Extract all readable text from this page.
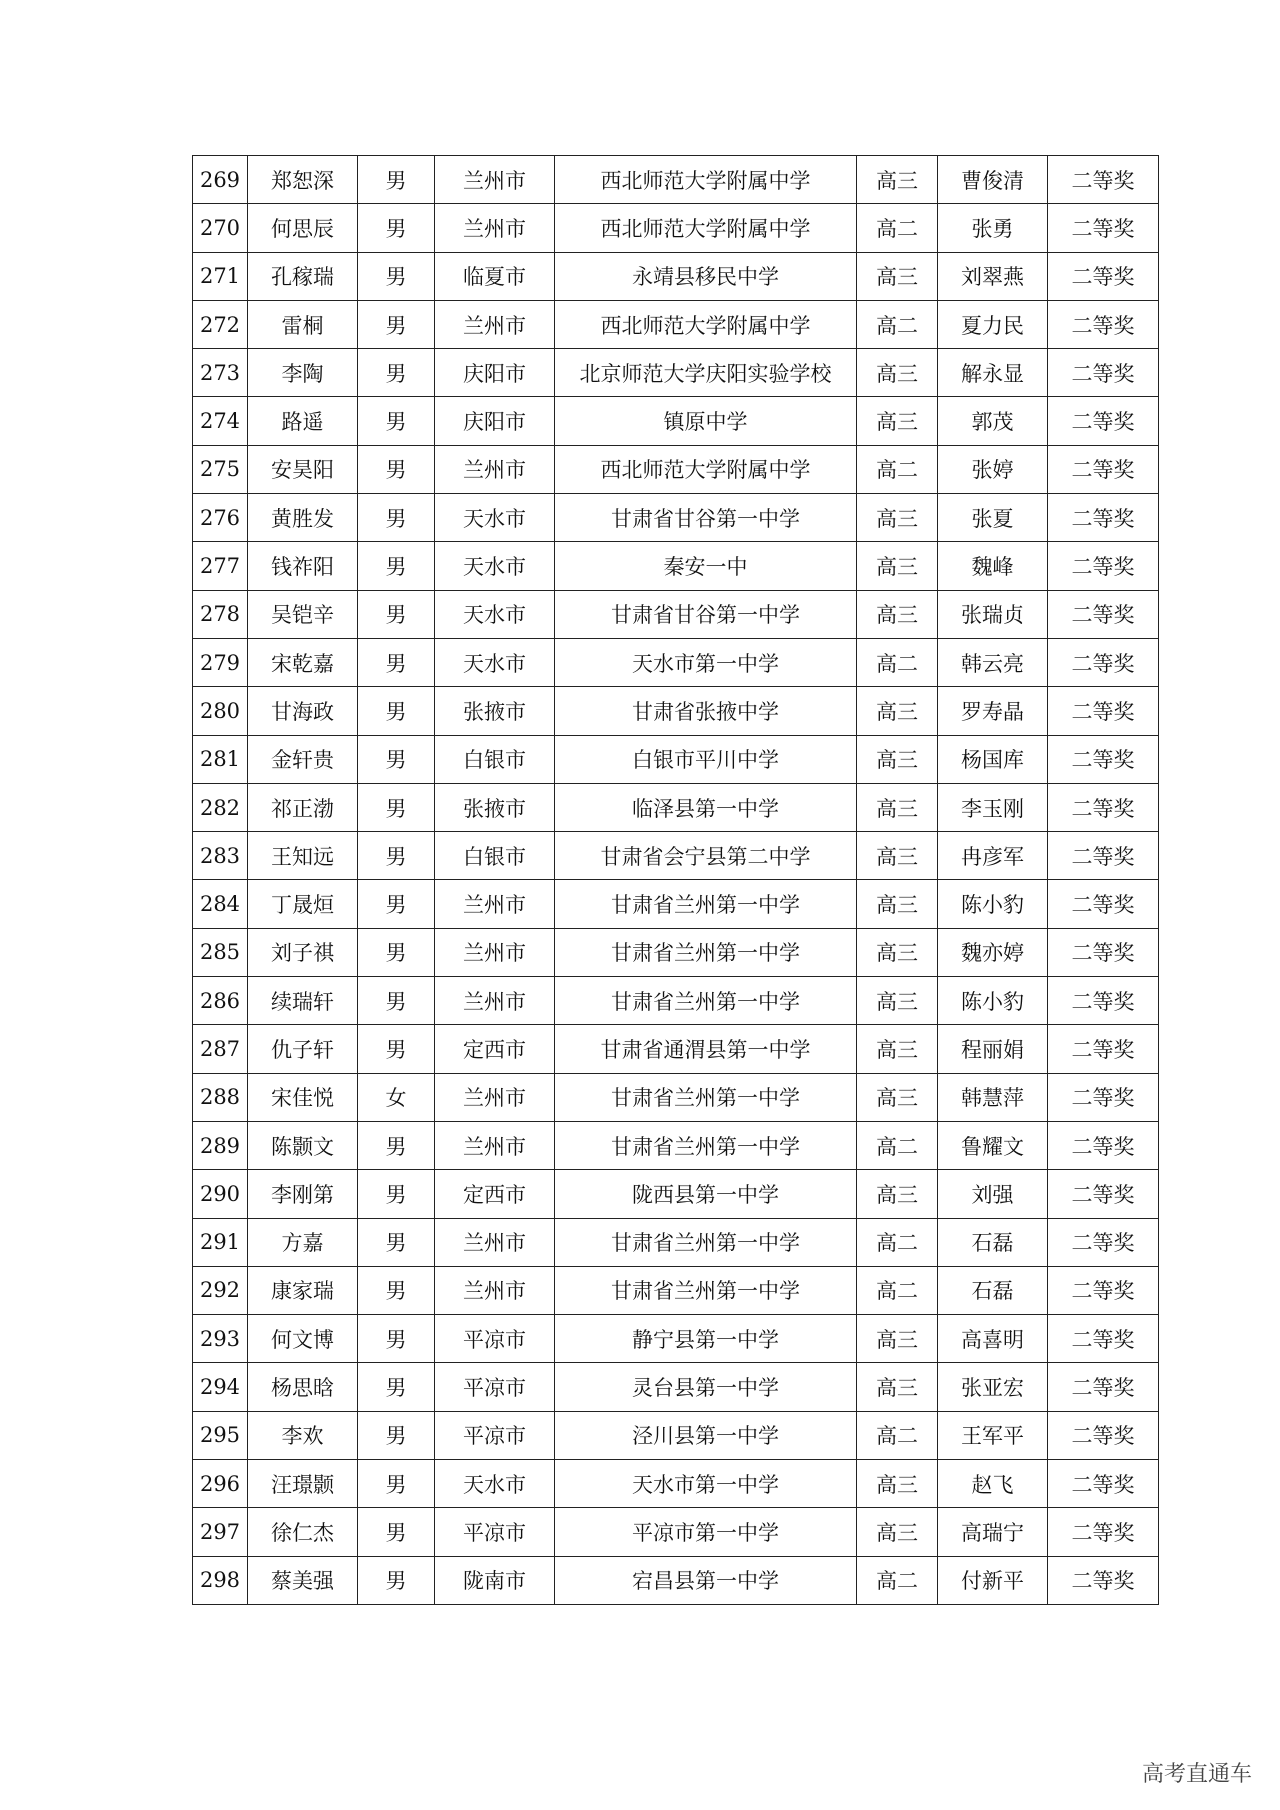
269	郑恕深	男	兰州市	西北师范大学附属中学	高三	曹俊清	二等奖
270	何思辰	男	兰州市	西北师范大学附属中学	高二	张勇	二等奖
271	孔稼瑞	男	临夏市	永靖县移民中学	高三	刘翠燕	二等奖
272	雷桐	男	兰州市	西北师范大学附属中学	高二	夏力民	二等奖
273	李陶	男	庆阳市	北京师范大学庆阳实验学校	高三	解永显	二等奖
274	路遥	男	庆阳市	镇原中学	高三	郭茂	二等奖
275	安昊阳	男	兰州市	西北师范大学附属中学	高二	张婷	二等奖
276	黄胜发	男	天水市	甘肃省甘谷第一中学	高三	张夏	二等奖
277	钱祚阳	男	天水市	秦安一中	高三	魏峰	二等奖
278	吴铠辛	男	天水市	甘肃省甘谷第一中学	高三	张瑞贞	二等奖
279	宋乾嘉	男	天水市	天水市第一中学	高二	韩云亮	二等奖
280	甘海政	男	张掖市	甘肃省张掖中学	高三	罗寿晶	二等奖
281	金轩贵	男	白银市	白银市平川中学	高三	杨国库	二等奖
282	祁正渤	男	张掖市	临泽县第一中学	高三	李玉刚	二等奖
283	王知远	男	白银市	甘肃省会宁县第二中学	高三	冉彦军	二等奖
284	丁晟烜	男	兰州市	甘肃省兰州第一中学	高三	陈小豹	二等奖
285	刘子祺	男	兰州市	甘肃省兰州第一中学	高三	魏亦婷	二等奖
286	续瑞轩	男	兰州市	甘肃省兰州第一中学	高三	陈小豹	二等奖
287	仇子轩	男	定西市	甘肃省通渭县第一中学	高三	程丽娟	二等奖
288	宋佳悦	女	兰州市	甘肃省兰州第一中学	高三	韩慧萍	二等奖
289	陈颢文	男	兰州市	甘肃省兰州第一中学	高二	鲁耀文	二等奖
290	李刚第	男	定西市	陇西县第一中学	高三	刘强	二等奖
291	方嘉	男	兰州市	甘肃省兰州第一中学	高二	石磊	二等奖
292	康家瑞	男	兰州市	甘肃省兰州第一中学	高二	石磊	二等奖
293	何文博	男	平凉市	静宁县第一中学	高三	高喜明	二等奖
294	杨思晗	男	平凉市	灵台县第一中学	高三	张亚宏	二等奖
295	李欢	男	平凉市	泾川县第一中学	高二	王军平	二等奖
296	汪璟颢	男	天水市	天水市第一中学	高三	赵飞	二等奖
297	徐仁杰	男	平凉市	平凉市第一中学	高三	高瑞宁	二等奖
298	蔡美强	男	陇南市	宕昌县第一中学	高二	付新平	二等奖
高考直通车
